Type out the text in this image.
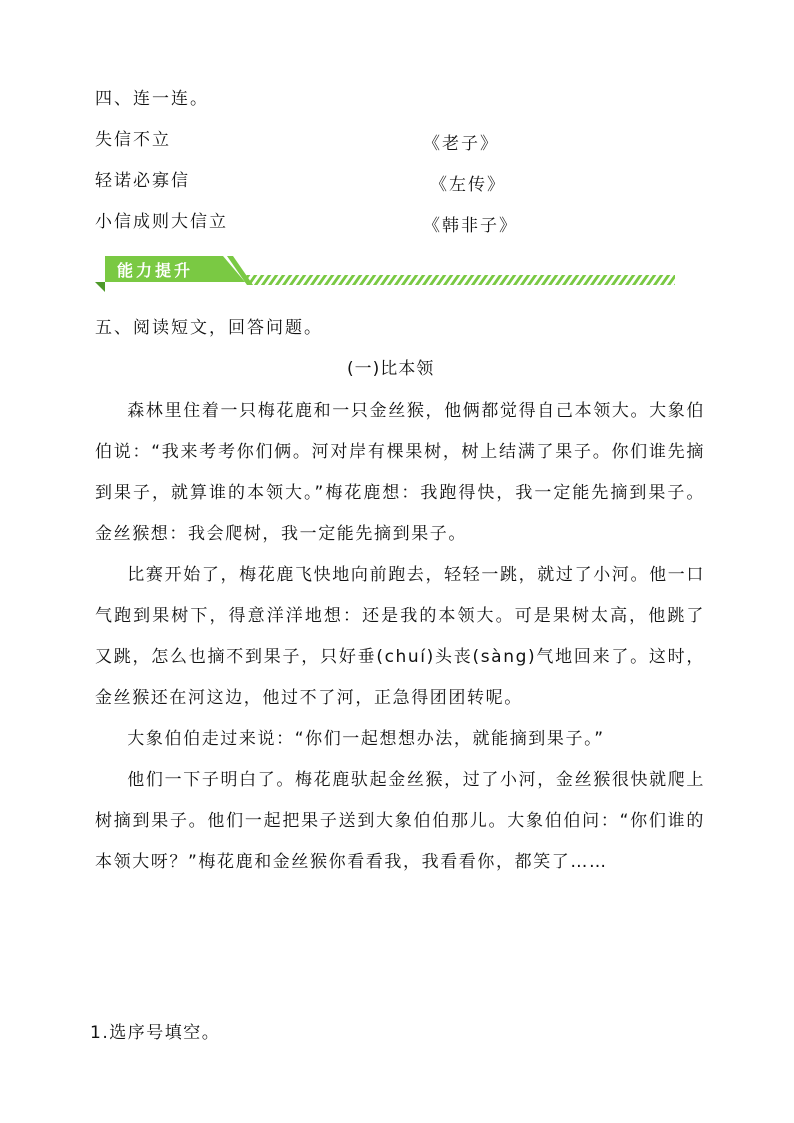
四、连一连。
失信不立	《老子》
轻诺必寡信	《左传》
小信成则大信立	《韩非子》
能力提升
五、阅读短文，回答问题。
(一)比本领
森林里住着一只梅花鹿和一只金丝猴，他俩都觉得自己本领大。大象伯伯说：“我来考考你们俩。河对岸有棵果树，树上结满了果子。你们谁先摘到果子，就算谁的本领大。”梅花鹿想：我跑得快，我一定能先摘到果子。金丝猴想：我会爬树，我一定能先摘到果子。
比赛开始了，梅花鹿飞快地向前跑去，轻轻一跳，就过了小河。他一口气跑到果树下，得意洋洋地想：还是我的本领大。可是果树太高，他跳了又跳，怎么也摘不到果子，只好垂(chuí)头丧(sàng)气地回来了。这时，金丝猴还在河这边，他过不了河，正急得团团转呢。
大象伯伯走过来说：“你们一起想想办法，就能摘到果子。”
他们一下子明白了。梅花鹿驮起金丝猴，过了小河，金丝猴很快就爬上树摘到果子。他们一起把果子送到大象伯伯那儿。大象伯伯问：“你们谁的本领大呀？”梅花鹿和金丝猴你看看我，我看看你，都笑了……
1.选序号填空。
